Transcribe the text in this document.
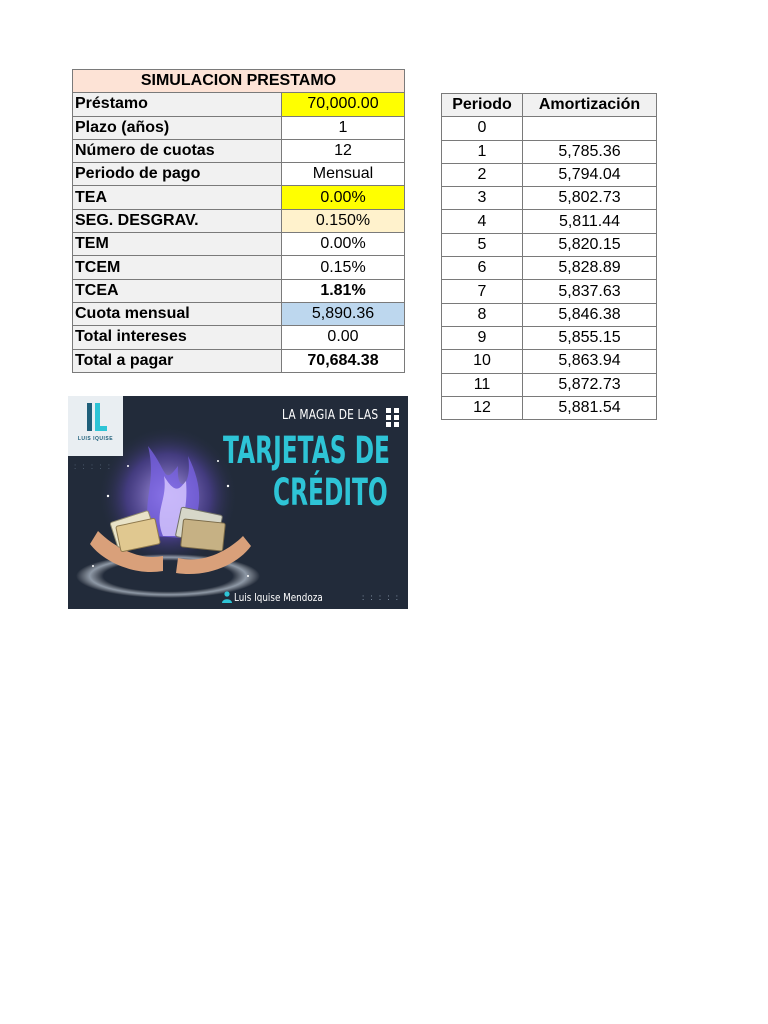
SIMULACION PRESTAMO	
Préstamo	70,000.00
Plazo (años)	1
Número de cuotas	12
Periodo de pago	Mensual
TEA	0.00%
SEG. DESGRAV.	0.150%
TEM	0.00%
TCEM	0.15%
TCEA	1.81%
Cuota mensual	5,890.36
Total intereses	0.00
Total a pagar	70,684.38
Periodo	Amortización
0	
1	5,785.36
2	5,794.04
3	5,802.73
4	5,811.44
5	5,820.15
6	5,828.89
7	5,837.63
8	5,846.38
9	5,855.15
10	5,863.94
11	5,872.73
12	5,881.54
LUIS IQUISE
: : : : :
LA MAGIA DE LAS
TARJETAS DE
CRÉDITO
Luis Iquise Mendoza	: : : : :
